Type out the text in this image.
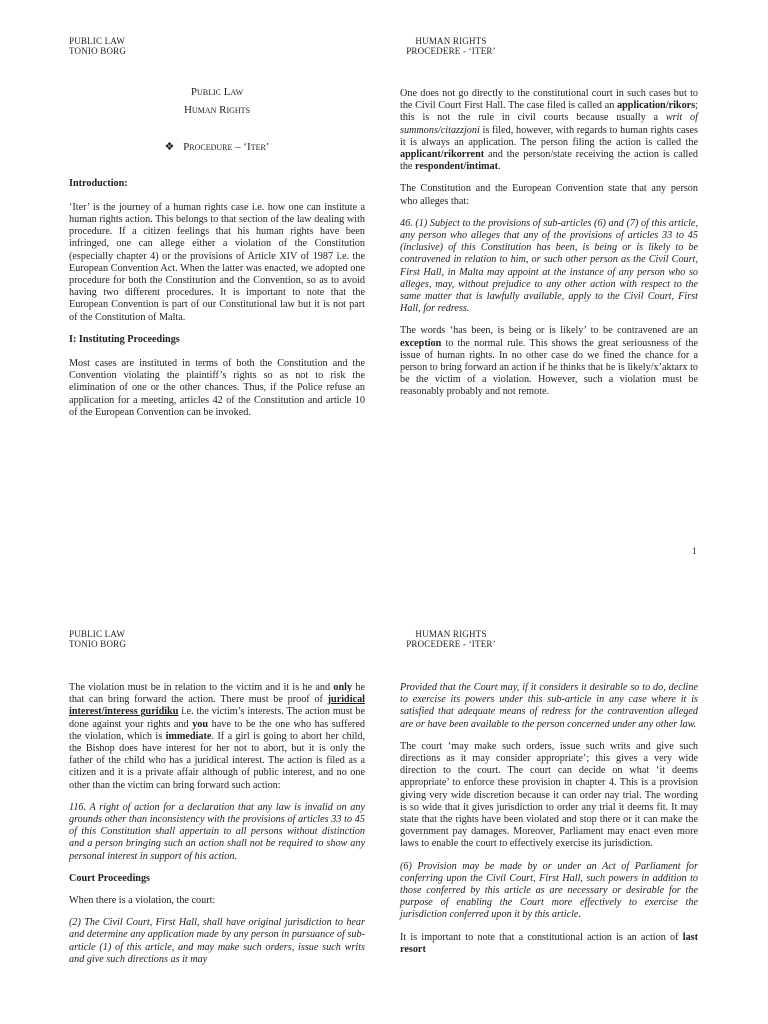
PUBLIC LAW
TONIO BORG
HUMAN RIGHTS
PROCEDERE - ‘ITER’
Public Law
Human Rights
❖ Procedure – ‘Iter’

Introduction:

‘Iter’ is the journey of a human rights case i.e. how one can institute a human rights action. This belongs to that section of the law dealing with procedure. If a citizen feelings that his human rights have been infringed, one can allege either a violation of the Constitution (especially chapter 4) or the provisions of Article XIV of 1987 i.e. the European Convention Act. When the latter was enacted, we adopted one procedure for both the Constitution and the Convention, so as to avoid having two different procedures. It is important to note that the European Convention is part of our Constitutional law but it is not part of the Constitution of Malta.

I: Instituting Proceedings

Most cases are instituted in terms of both the Constitution and the Convention violating the plaintiff’s rights so as not to risk the elimination of one or the other chances. Thus, if the Police refuse an application for a meeting, articles 42 of the Constitution and article 10 of the European Convention can be invoked.

One does not go directly to the constitutional court in such cases but to the Civil Court First Hall. The case filed is called an application/rikors; this is not the rule in civil courts because usually a writ of summons/citazzjoni is filed, however, with regards to human rights cases it is always an application. The person filing the action is called the applicant/rikorrent and the person/state receiving the action is called the respondent/intimat.

The Constitution and the European Convention state that any person who alleges that:

46. (1) Subject to the provisions of sub-articles (6) and (7) of this article, any person who alleges that any of the provisions of articles 33 to 45 (inclusive) of this Constitution has been, is being or is likely to be contravened in relation to him, or such other person as the Civil Court, First Hall, in Malta may appoint at the instance of any person who so alleges, may, without prejudice to any other action with respect to the same matter that is lawfully available, apply to the Civil Court, First Hall, for redress.

The words ‘has been, is being or is likely’ to be contravened are an exception to the normal rule. This shows the great seriousness of the issue of human rights. In no other case do we fined the chance for a person to bring forward an action if he thinks that he is likely/x’aktarx to be the victim of a violation. However, such a violation must be reasonably probably and not remote.

1
PUBLIC LAW
TONIO BORG
HUMAN RIGHTS
PROCEDERE - ‘ITER’

The violation must be in relation to the victim and it is he and only he that can bring forward the action. There must be proof of juridical interest/interess guridiku i.e. the victim’s interests. The action must be done against your rights and you have to be the one who has suffered the violation, which is immediate. If a girl is going to abort her child, the Bishop does have interest for her not to abort, but it is only the father of the child who has a juridical interest. The action is filed as a citizen and it is a private affair although of public interest, and no one other than the victim can bring forward such action:

116. A right of action for a declaration that any law is invalid on any grounds other than inconsistency with the provisions of articles 33 to 45 of this Constitution shall appertain to all persons without distinction and a person bringing such an action shall not be required to show any personal interest in support of his action.

Court Proceedings

When there is a violation, the court:

(2) The Civil Court, First Hall, shall have original jurisdiction to hear and determine any application made by any person in pursuance of sub-article (1) of this article, and may make such orders, issue such writs and give such directions as it may

Provided that the Court may, if it considers it desirable so to do, decline to exercise its powers under this sub-article in any case where it is satisfied that adequate means of redress for the contravention alleged are or have been available to the person concerned under any other law.

The court ‘may make such orders, issue such writs and give such directions as it may consider appropriate’; this gives a very wide direction to the court. The court can decide on what ‘it deems appropriate’ to enforce these provision in chapter 4. This is a provision giving very wide discretion because it can order nay trial. The wording is so wide that it gives jurisdiction to order any trial it deems fit. It may state that the rights have been violated and stop there or it can make the government pay damages. Moreover, Parliament may enact even more laws to enable the court to effectively exercise its jurisdiction.

(6) Provision may be made by or under an Act of Parliament for conferring upon the Civil Court, First Hall, such powers in addition to those conferred by this article as are necessary or desirable for the purpose of enabling the Court more effectively to exercise the jurisdiction conferred upon it by this article.

It is important to note that a constitutional action is an action of last resort
